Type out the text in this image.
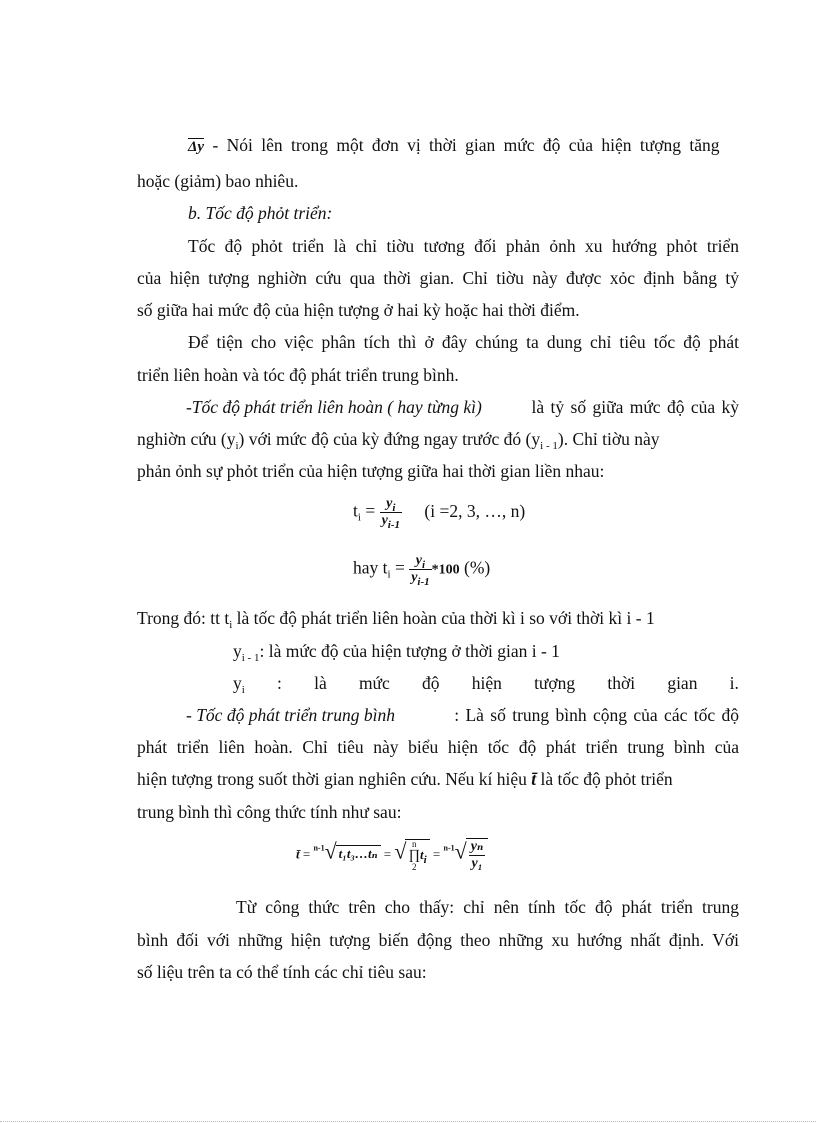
$\overline{\Delta y}$ - Nói lên trong một đơn vị thời gian mức độ của hiện tượng tăng
hoặc (giảm) bao nhiêu.
b. Tốc độ phỏt triển:
Tốc độ phỏt triển là chỉ tiờu tương đối phản ỏnh xu hướng phỏt triển
của hiện tượng nghiờn cứu qua thời gian. Chỉ tiờu này được xỏc định bằng tỷ
số giữa hai mức độ của hiện tượng ở hai kỳ hoặc hai thời điểm.
Để tiện cho việc phân tích thì ở đây chúng ta dung chỉ tiêu tốc độ phát
triển liên hoàn và tóc độ phát triển trung bình.
-Tốc độ phát triển liên hoàn ( hay từng kì)	là tỷ số giữa mức độ của kỳ
nghiờn cứu $(y_i)$ với mức độ của kỳ đứng ngay trước đó $(y_{i - 1})$. Chỉ tiờu này
phản ỏnh sự phỏt triển của hiện tượng giữa hai thời gian liền nhau:
$t_i = \frac{y_i}{y_{i-1}} (i =2$, 3, …, n)
hay $t_i = \frac{y_i}{y_{i-1}} *100$ (%)
Trong đó: tt $t_i$ là tốc độ phát triển liên hoàn của thời kì i so với thời kì i - 1
$y_{i - 1}$: là mức độ của hiện tượng ở thời gian i - 1
$y_i$ : là mức độ hiện tượng thời gian i.
- Tốc độ phát triển trung bình	: Là số trung bình cộng của các tốc độ
phát triển liên hoàn. Chỉ tiêu này biểu hiện tốc độ phát triển trung bình của
hiện tượng trong suốt thời gian nghiên cứu. Nếu kí hiệu t̄ là tốc độ phỏt triển
trung bình thì công thức tính như sau:
t̄ = $^{n-1}$√ t₁t₃…tₙ = √ n
∏
2
$t_i = ^{n-1}√ \frac{\text{yₙ}}{\text{y₁}}$
Từ công thức trên cho thấy: chỉ nên tính tốc độ phát triển trung
bình đối với những hiện tượng biến động theo những xu hướng nhất định. Với
số liệu trên ta có thể tính các chỉ tiêu sau:
